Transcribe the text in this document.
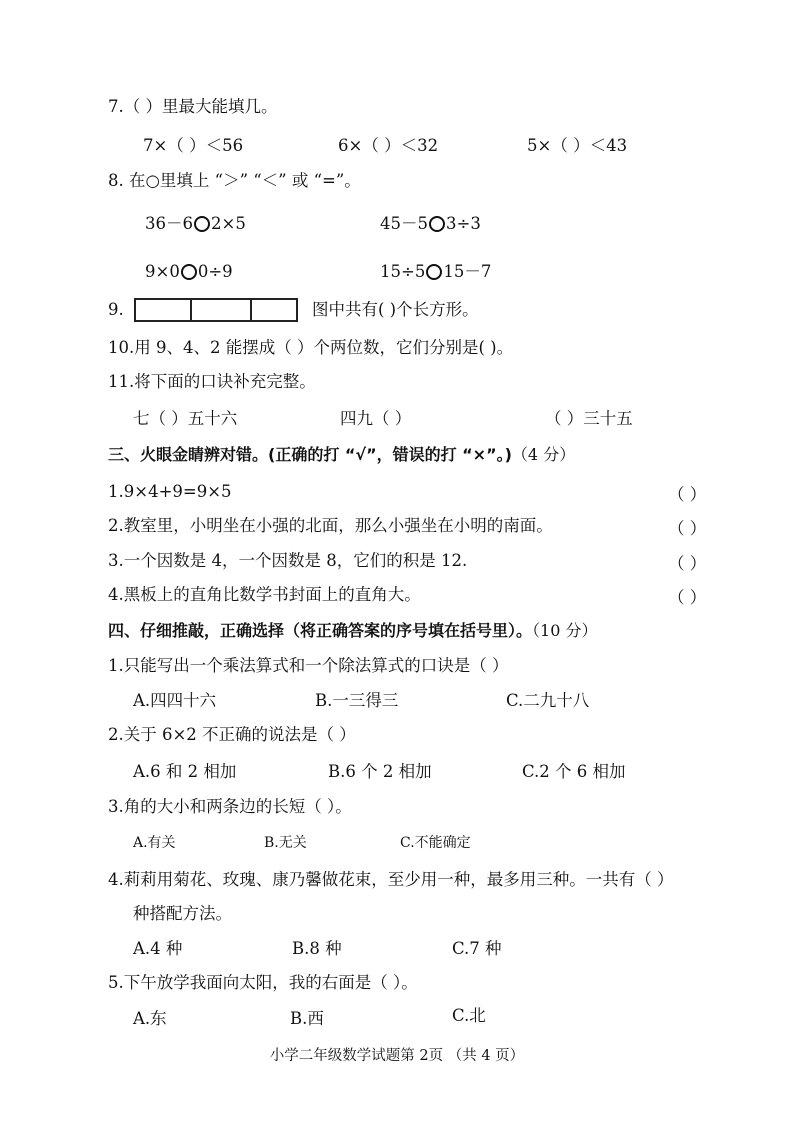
7.（ ）里最大能填几。
7×（ ）＜56	6×（ ）＜32	5×（ ）＜43
8. 在○里填上 “＞” “＜” 或 “=”。
36－6 2×5	45－5 3÷3
9×0 0÷9	15÷5 15－7
9.	图中共有( )个长方形。
10.用 9、4、2 能摆成（ ）个两位数，它们分别是( )。
11.将下面的口诀补充完整。
七（ ）五十六	四九（ ）	（ ）三十五
三、火眼金睛辨对错。(正确的打 “√”，错误的打 “×”。)（4 分）
1.9×4+9=9×5	（ ）
2.教室里，小明坐在小强的北面，那么小强坐在小明的南面。	（ ）
3.一个因数是 4，一个因数是 8，它们的积是 12.	（ ）
4.黑板上的直角比数学书封面上的直角大。	（ ）
四、仔细推敲，正确选择（将正确答案的序号填在括号里）。（10 分）
1.只能写出一个乘法算式和一个除法算式的口诀是（ ）
A.四四十六	B.一三得三	C.二九十八
2.关于 6×2 不正确的说法是（ ）
A.6 和 2 相加	B.6 个 2 相加	C.2 个 6 相加
3.角的大小和两条边的长短（ ）。
A.有关	B.无关	C.不能确定
4.莉莉用菊花、玫瑰、康乃馨做花束，至少用一种，最多用三种。一共有（ ）
种搭配方法。
A.4 种	B.8 种	C.7 种
5.下午放学我面向太阳，我的右面是（ ）。
A.东	B.西	C.北
小学二年级数学试题第 2页 （共 4 页）
